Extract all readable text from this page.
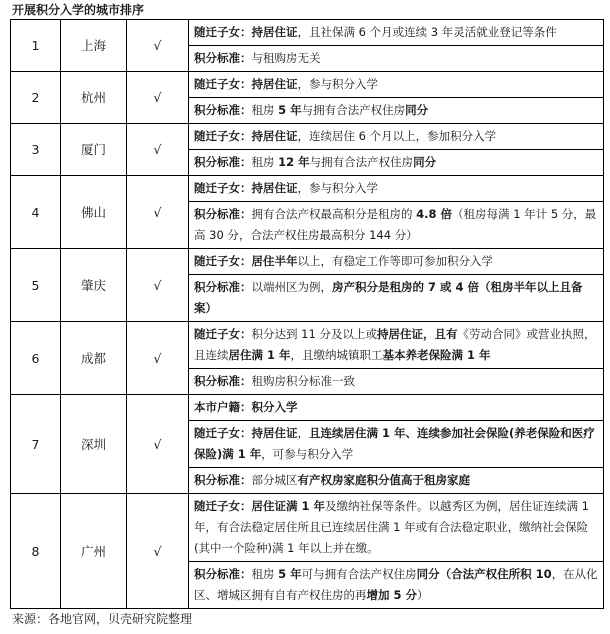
开展积分入学的城市排序
1	上海	√	随迁子女：持居住证，且社保满 6 个月或连续 3 年灵活就业登记等条件
			积分标准：与租购房无关
2	杭州	√	随迁子女：持居住证，参与积分入学
			积分标准：租房 5 年与拥有合法产权住房同分
3	厦门	√	随迁子女：持居住证，连续居住 6 个月以上，参加积分入学
			积分标准：租房 12 年与拥有合法产权住房同分
4	佛山	√	随迁子女：持居住证，参与积分入学
			积分标准：拥有合法产权最高积分是租房的 4.8 倍（租房每满 1 年计 5 分，最高 30 分，合法产权住房最高积分 144 分）
5	肇庆	√	随迁子女：居住半年以上，有稳定工作等即可参加积分入学
			积分标准：以端州区为例，房产积分是租房的 7 或 4 倍（租房半年以上且备案）
6	成都	√	随迁子女：积分达到 11 分及以上或持居住证，且有《劳动合同》或营业执照，且连续居住满 1 年，且缴纳城镇职工基本养老保险满 1 年
			积分标准：租购房积分标准一致
7	深圳	√	本市户籍：积分入学
			随迁子女：持居住证，且连续居住满 1 年、连续参加社会保险(养老保险和医疗保险)满 1 年，可参与积分入学
			积分标准：部分城区有产权房家庭积分值高于租房家庭
8	广州	√	随迁子女：居住证满 1 年及缴纳社保等条件。以越秀区为例，居住证连续满 1 年，有合法稳定居住所且已连续居住满 1 年或有合法稳定职业，缴纳社会保险(其中一个险种)满 1 年以上并在缴。
			积分标准：租房 5 年可与拥有合法产权住房同分（合法产权住所积 10，在从化区、增城区拥有自有产权住房的再增加 5 分）
来源：各地官网，贝壳研究院整理
